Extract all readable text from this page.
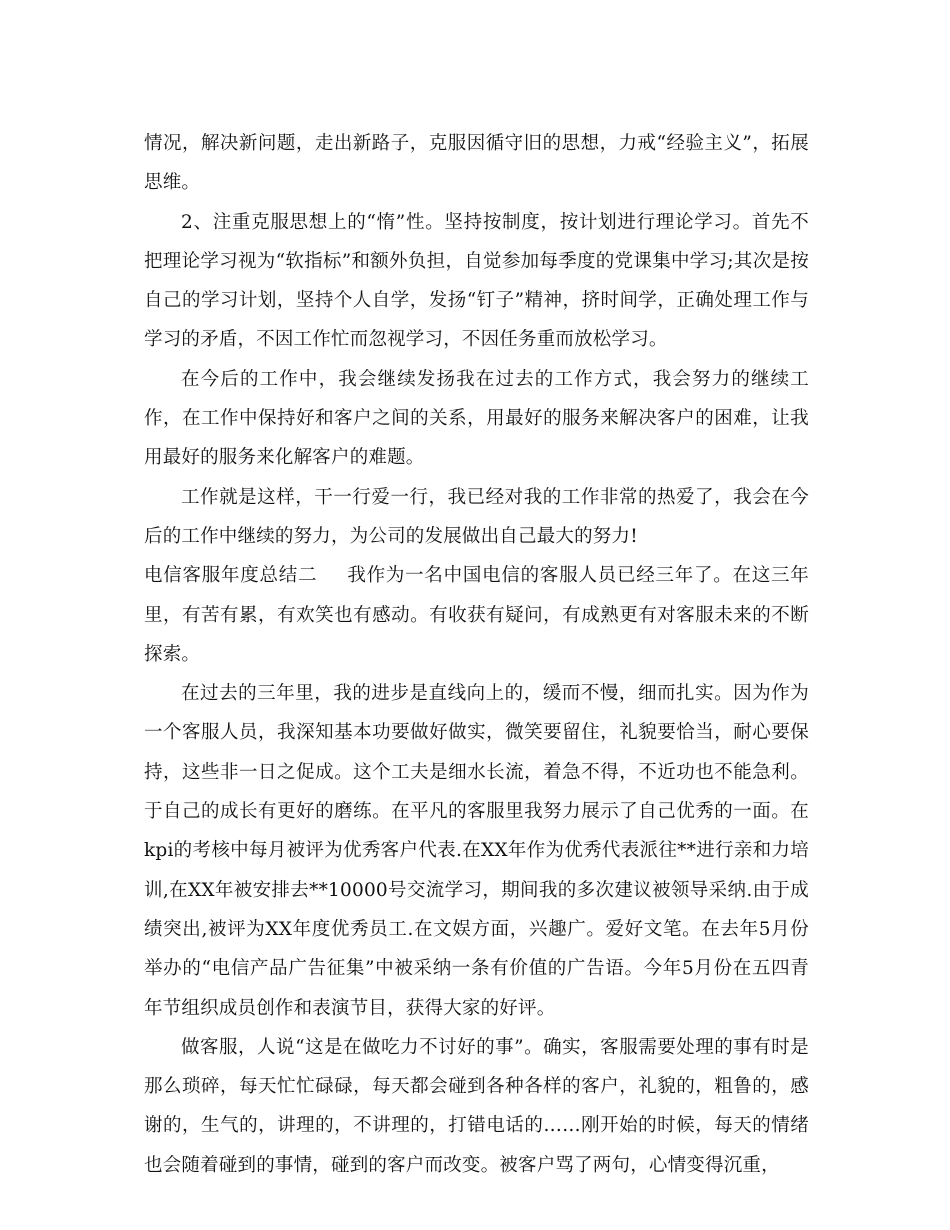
情况，解决新问题，走出新路子，克服因循守旧的思想，力戒“经验主义”，拓展思维。

2、注重克服思想上的“惰”性。坚持按制度，按计划进行理论学习。首先不把理论学习视为“软指标”和额外负担，自觉参加每季度的党课集中学习;其次是按自己的学习计划，坚持个人自学，发扬“钉子”精神，挤时间学，正确处理工作与学习的矛盾，不因工作忙而忽视学习，不因任务重而放松学习。

在今后的工作中，我会继续发扬我在过去的工作方式，我会努力的继续工作，在工作中保持好和客户之间的关系，用最好的服务来解决客户的困难，让我用最好的服务来化解客户的难题。

工作就是这样，干一行爱一行，我已经对我的工作非常的热爱了，我会在今后的工作中继续的努力，为公司的发展做出自己最大的努力!

电信客服年度总结二 我作为一名中国电信的客服人员已经三年了。在这三年里，有苦有累，有欢笑也有感动。有收获有疑问，有成熟更有对客服未来的不断探索。

在过去的三年里，我的进步是直线向上的，缓而不慢，细而扎实。因为作为一个客服人员，我深知基本功要做好做实，微笑要留住，礼貌要恰当，耐心要保持，这些非一日之促成。这个工夫是细水长流，着急不得，不近功也不能急利。于自己的成长有更好的磨练。在平凡的客服里我努力展示了自己优秀的一面。在kpi的考核中每月被评为优秀客户代表.在XX年作为优秀代表派往**进行亲和力培训,在XX年被安排去**10000号交流学习，期间我的多次建议被领导采纳.由于成绩突出,被评为XX年度优秀员工.在文娱方面，兴趣广。爱好文笔。在去年5月份举办的“电信产品广告征集”中被采纳一条有价值的广告语。今年5月份在五四青年节组织成员创作和表演节目，获得大家的好评。

做客服，人说“这是在做吃力不讨好的事”。确实，客服需要处理的事有时是那么琐碎，每天忙忙碌碌，每天都会碰到各种各样的客户，礼貌的，粗鲁的，感谢的，生气的，讲理的，不讲理的，打错电话的……刚开始的时候，每天的情绪也会随着碰到的事情，碰到的客户而改变。被客户骂了两句，心情变得沉重，
